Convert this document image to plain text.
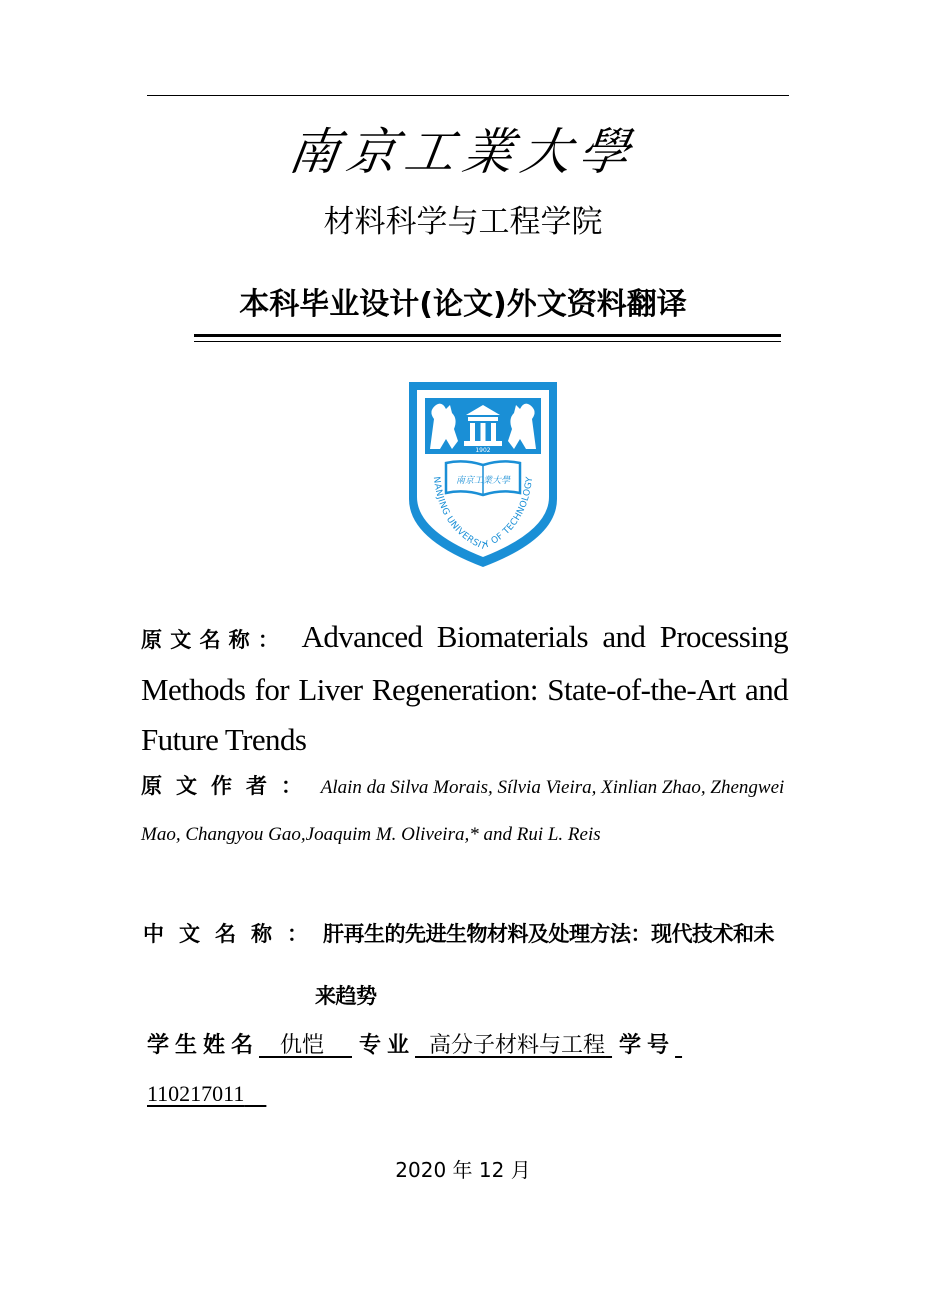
南京工業大學
材料科学与工程学院
本科毕业设计(论文)外文资料翻译
1902
南京工業大學
NANJING UNIVERSITY OF TECHNOLOGY
原文名称： Advanced Biomaterials and Processing Methods for Liver Regeneration: State-of-the-Art and Future Trends
原文作者： Alain da Silva Morais, Sílvia Vieira, Xinlian Zhao, Zhengwei Mao, Changyou Gao,Joaquim M. Oliveira,* and Rui L. Reis
中文名称：肝再生的先进生物材料及处理方法：现代技术和未
来趋势
学生姓名 仇恺 专业 高分子材料与工程 学号
110217011
2020 年 12 月
